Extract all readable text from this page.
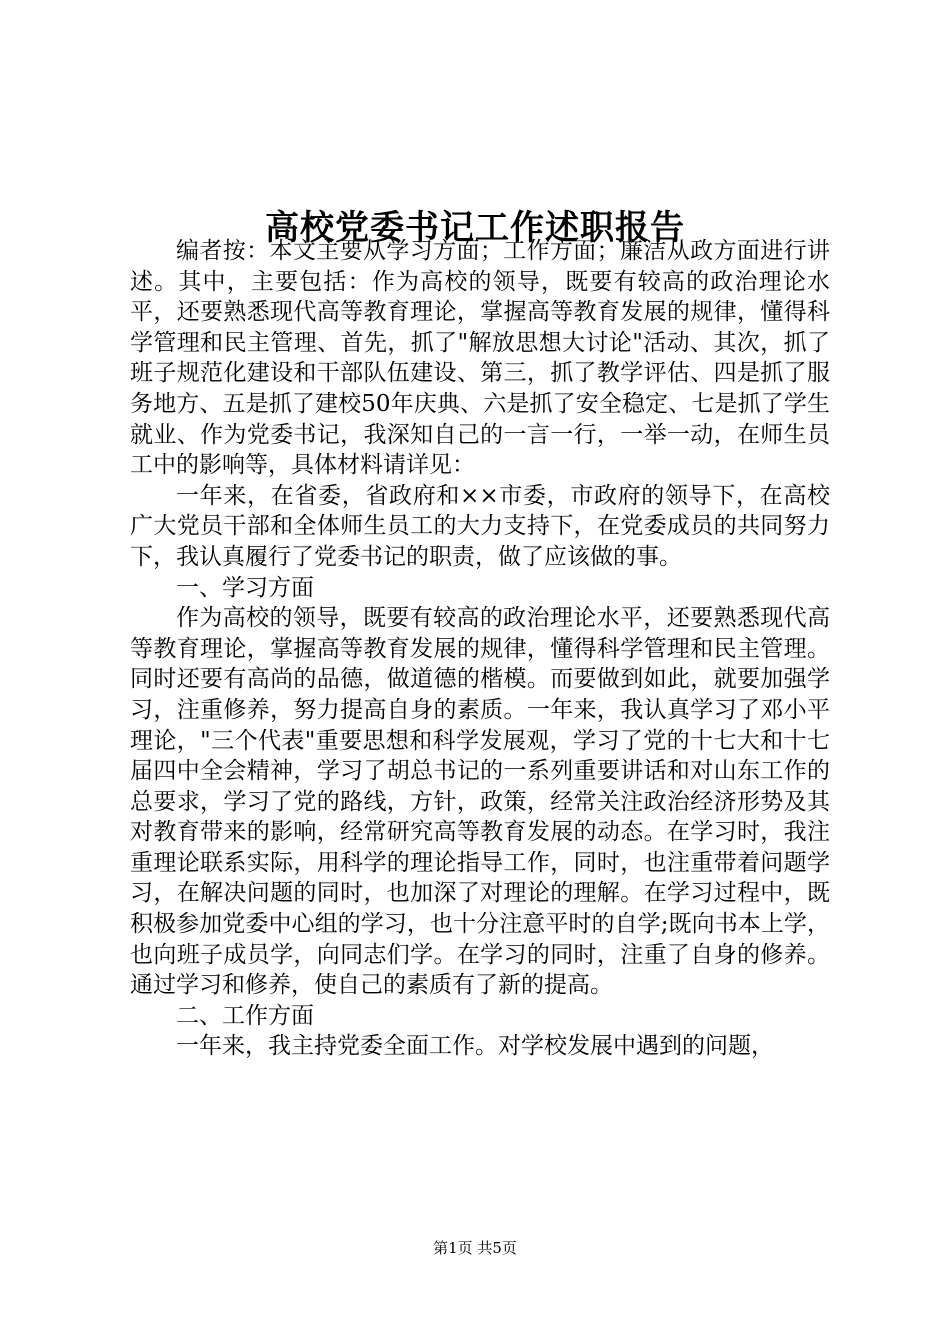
高校党委书记工作述职报告

编者按：本文主要从学习方面；工作方面；廉洁从政方面进行讲述。其中，主要包括：作为高校的领导，既要有较高的政治理论水平，还要熟悉现代高等教育理论，掌握高等教育发展的规律，懂得科学管理和民主管理、首先，抓了"解放思想大讨论"活动、其次，抓了班子规范化建设和干部队伍建设、第三，抓了教学评估、四是抓了服务地方、五是抓了建校50年庆典、六是抓了安全稳定、七是抓了学生就业、作为党委书记，我深知自己的一言一行，一举一动，在师生员工中的影响等，具体材料请详见：

一年来，在省委，省政府和××市委，市政府的领导下，在高校广大党员干部和全体师生员工的大力支持下，在党委成员的共同努力下，我认真履行了党委书记的职责，做了应该做的事。

一、学习方面

作为高校的领导，既要有较高的政治理论水平，还要熟悉现代高等教育理论，掌握高等教育发展的规律，懂得科学管理和民主管理。同时还要有高尚的品德，做道德的楷模。而要做到如此，就要加强学习，注重修养，努力提高自身的素质。一年来，我认真学习了邓小平理论，"三个代表"重要思想和科学发展观，学习了党的十七大和十七届四中全会精神，学习了胡总书记的一系列重要讲话和对山东工作的总要求，学习了党的路线，方针，政策，经常关注政治经济形势及其对教育带来的影响，经常研究高等教育发展的动态。在学习时，我注重理论联系实际，用科学的理论指导工作，同时，也注重带着问题学习，在解决问题的同时，也加深了对理论的理解。在学习过程中，既积极参加党委中心组的学习，也十分注意平时的自学;既向书本上学，也向班子成员学，向同志们学。在学习的同时，注重了自身的修养。通过学习和修养，使自己的素质有了新的提高。

二、工作方面

一年来，我主持党委全面工作。对学校发展中遇到的问题，

第1页 共5页
